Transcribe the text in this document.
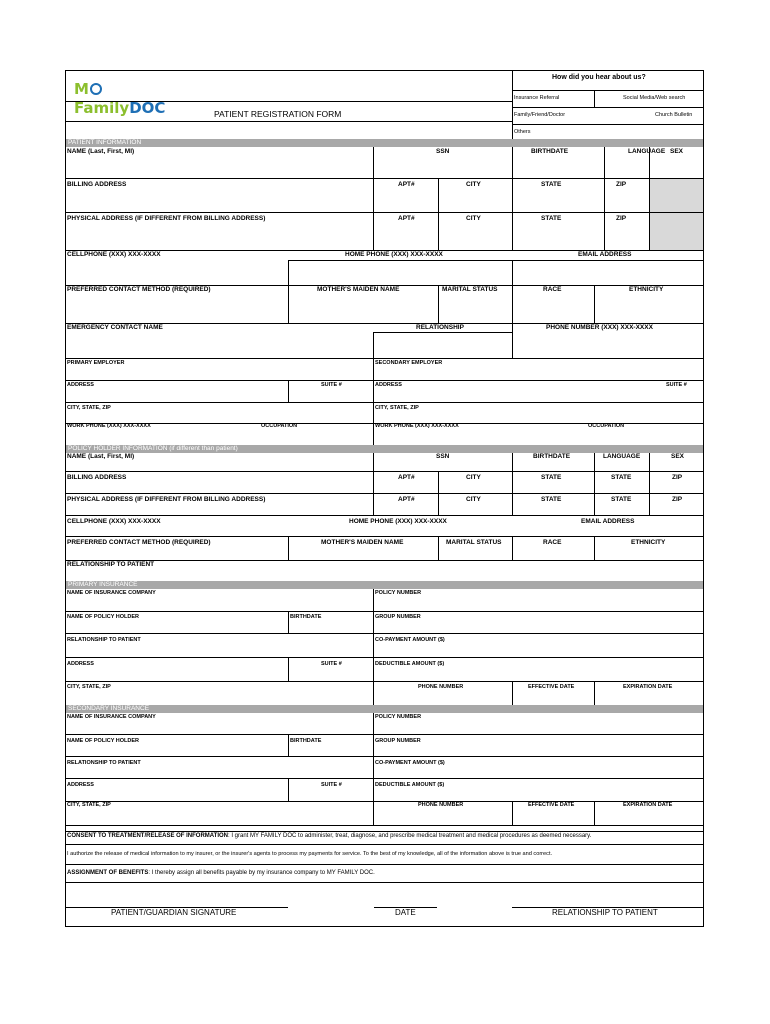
MFamilyDOC	PATIENT REGISTRATION FORM
How did you hear about us?
Insurance Referral	Social Media/Web search
Family/Friend/Doctor	Church Bulletin
Others
PATIENT INFORMATION
NAME (Last, First, MI)	SSN	BIRTHDATE	LANGUAGE SEX
BILLING ADDRESS	APT#	CITY	STATE	ZIP
PHYSICAL ADDRESS (IF DIFFERENT FROM BILLING ADDRESS)	APT#	CITY	STATE	ZIP
CELLPHONE (XXX) XXX-XXXX	HOME PHONE (XXX) XXX-XXXX	EMAIL ADDRESS
PREFERRED CONTACT METHOD (REQUIRED)	MOTHER'S MAIDEN NAME	MARITAL STATUS	RACE	ETHNICITY
EMERGENCY CONTACT NAME	RELATIONSHIP	PHONE NUMBER (XXX) XXX-XXXX
PRIMARY EMPLOYER	SECONDARY EMPLOYER
ADDRESS	SUITE #	ADDRESS	SUITE #
CITY, STATE, ZIP	CITY, STATE, ZIP
WORK PHONE (XXX) XXX-XXXX	OCCUPATION	WORK PHONE (XXX) XXX-XXXX	OCCUPATION
POLICY HOLDER INFORMATION (if different than patient)
NAME (Last, First, MI)	SSN	BIRTHDATE	LANGUAGE	SEX
BILLING ADDRESS	APT#	CITY	STATE	STATE	ZIP
PHYSICAL ADDRESS (IF DIFFERENT FROM BILLING ADDRESS)	APT#	CITY	STATE	STATE	ZIP
CELLPHONE (XXX) XXX-XXXX	HOME PHONE (XXX) XXX-XXXX	EMAIL ADDRESS
PREFERRED CONTACT METHOD (REQUIRED)	MOTHER'S MAIDEN NAME	MARITAL STATUS	RACE	ETHNICITY
RELATIONSHIP TO PATIENT
PRIMARY INSURANCE
NAME OF INSURANCE COMPANY	POLICY NUMBER
NAME OF POLICY HOLDER	BIRTHDATE	GROUP NUMBER
RELATIONSHIP TO PATIENT	CO-PAYMENT AMOUNT ($)
ADDRESS	SUITE #	DEDUCTIBLE AMOUNT ($)
CITY, STATE, ZIP	PHONE NUMBER	EFFECTIVE DATE	EXPIRATION DATE
SECONDARY INSURANCE
NAME OF INSURANCE COMPANY	POLICY NUMBER
NAME OF POLICY HOLDER	BIRTHDATE	GROUP NUMBER
RELATIONSHIP TO PATIENT	CO-PAYMENT AMOUNT ($)
ADDRESS	SUITE #	DEDUCTIBLE AMOUNT ($)
CITY, STATE, ZIP	PHONE NUMBER	EFFECTIVE DATE	EXPIRATION DATE
CONSENT TO TREATMENT/RELEASE OF INFORMATION: I grant MY FAMILY DOC to administer, treat, diagnose, and prescribe medical treatment and medical procedures as deemed necessary.
I authorize the release of medical information to my insurer, or the insurer's agents to process my payments for service. To the best of my knowledge, all of the information above is true and correct.
ASSIGNMENT OF BENEFITS: I thereby assign all benefits payable by my insurance company to MY FAMILY DOC.
PATIENT/GUARDIAN SIGNATURE	DATE	RELATIONSHIP TO PATIENT
